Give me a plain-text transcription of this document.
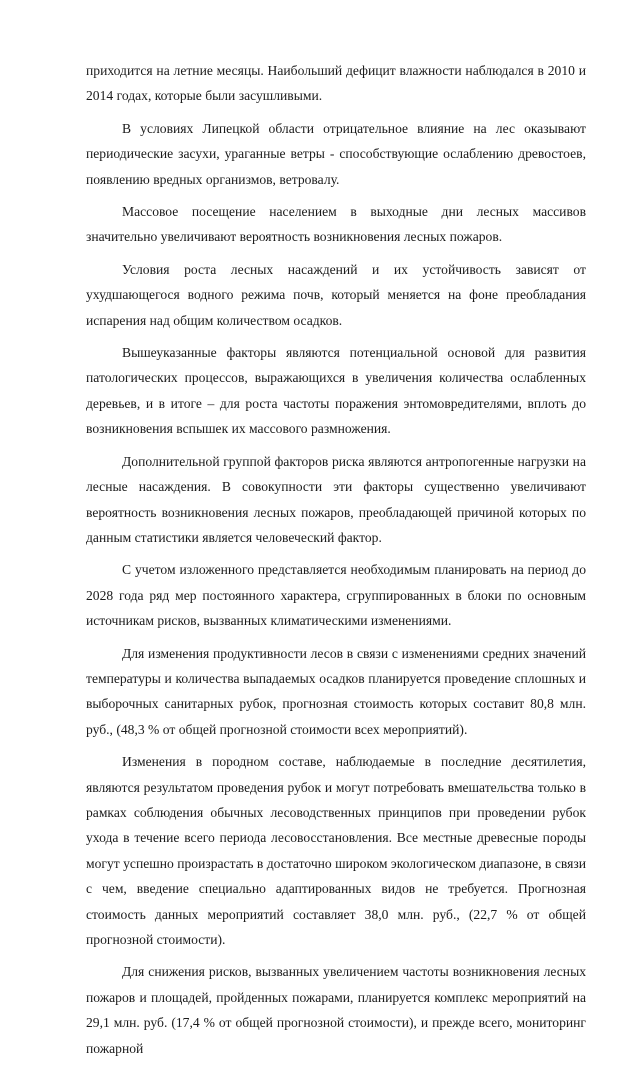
приходится на летние месяцы. Наибольший дефицит влажности наблюдался в 2010 и 2014 годах, которые были засушливыми.

В условиях Липецкой области отрицательное влияние на лес оказывают периодические засухи, ураганные ветры - способствующие ослаблению древостоев, появлению вредных организмов, ветровалу.

Массовое посещение населением в выходные дни лесных массивов значительно увеличивают вероятность возникновения лесных пожаров.

Условия роста лесных насаждений и их устойчивость зависят от ухудшающегося водного режима почв, который меняется на фоне преобладания испарения над общим количеством осадков.

Вышеуказанные факторы являются потенциальной основой для развития патологических процессов, выражающихся в увеличения количества ослабленных деревьев, и в итоге – для роста частоты поражения энтомовредителями, вплоть до возникновения вспышек их массового размножения.

Дополнительной группой факторов риска являются антропогенные нагрузки на лесные насаждения. В совокупности эти факторы существенно увеличивают вероятность возникновения лесных пожаров, преобладающей причиной которых по данным статистики является человеческий фактор.

С учетом изложенного представляется необходимым планировать на период до 2028 года ряд мер постоянного характера, сгруппированных в блоки по основным источникам рисков, вызванных климатическими изменениями.

Для изменения продуктивности лесов в связи с изменениями средних значений температуры и количества выпадаемых осадков планируется проведение сплошных и выборочных санитарных рубок, прогнозная стоимость которых составит 80,8 млн. руб., (48,3 % от общей прогнозной стоимости всех мероприятий).

Изменения в породном составе, наблюдаемые в последние десятилетия, являются результатом проведения рубок и могут потребовать вмешательства только в рамках соблюдения обычных лесоводственных принципов при проведении рубок ухода в течение всего периода лесовосстановления. Все местные древесные породы могут успешно произрастать в достаточно широком экологическом диапазоне, в связи с чем, введение специально адаптированных видов не требуется. Прогнозная стоимость данных мероприятий составляет 38,0 млн. руб., (22,7 % от общей прогнозной стоимости).

Для снижения рисков, вызванных увеличением частоты возникновения лесных пожаров и площадей, пройденных пожарами, планируется комплекс мероприятий на 29,1 млн. руб. (17,4 % от общей прогнозной стоимости), и прежде всего, мониторинг пожарной
